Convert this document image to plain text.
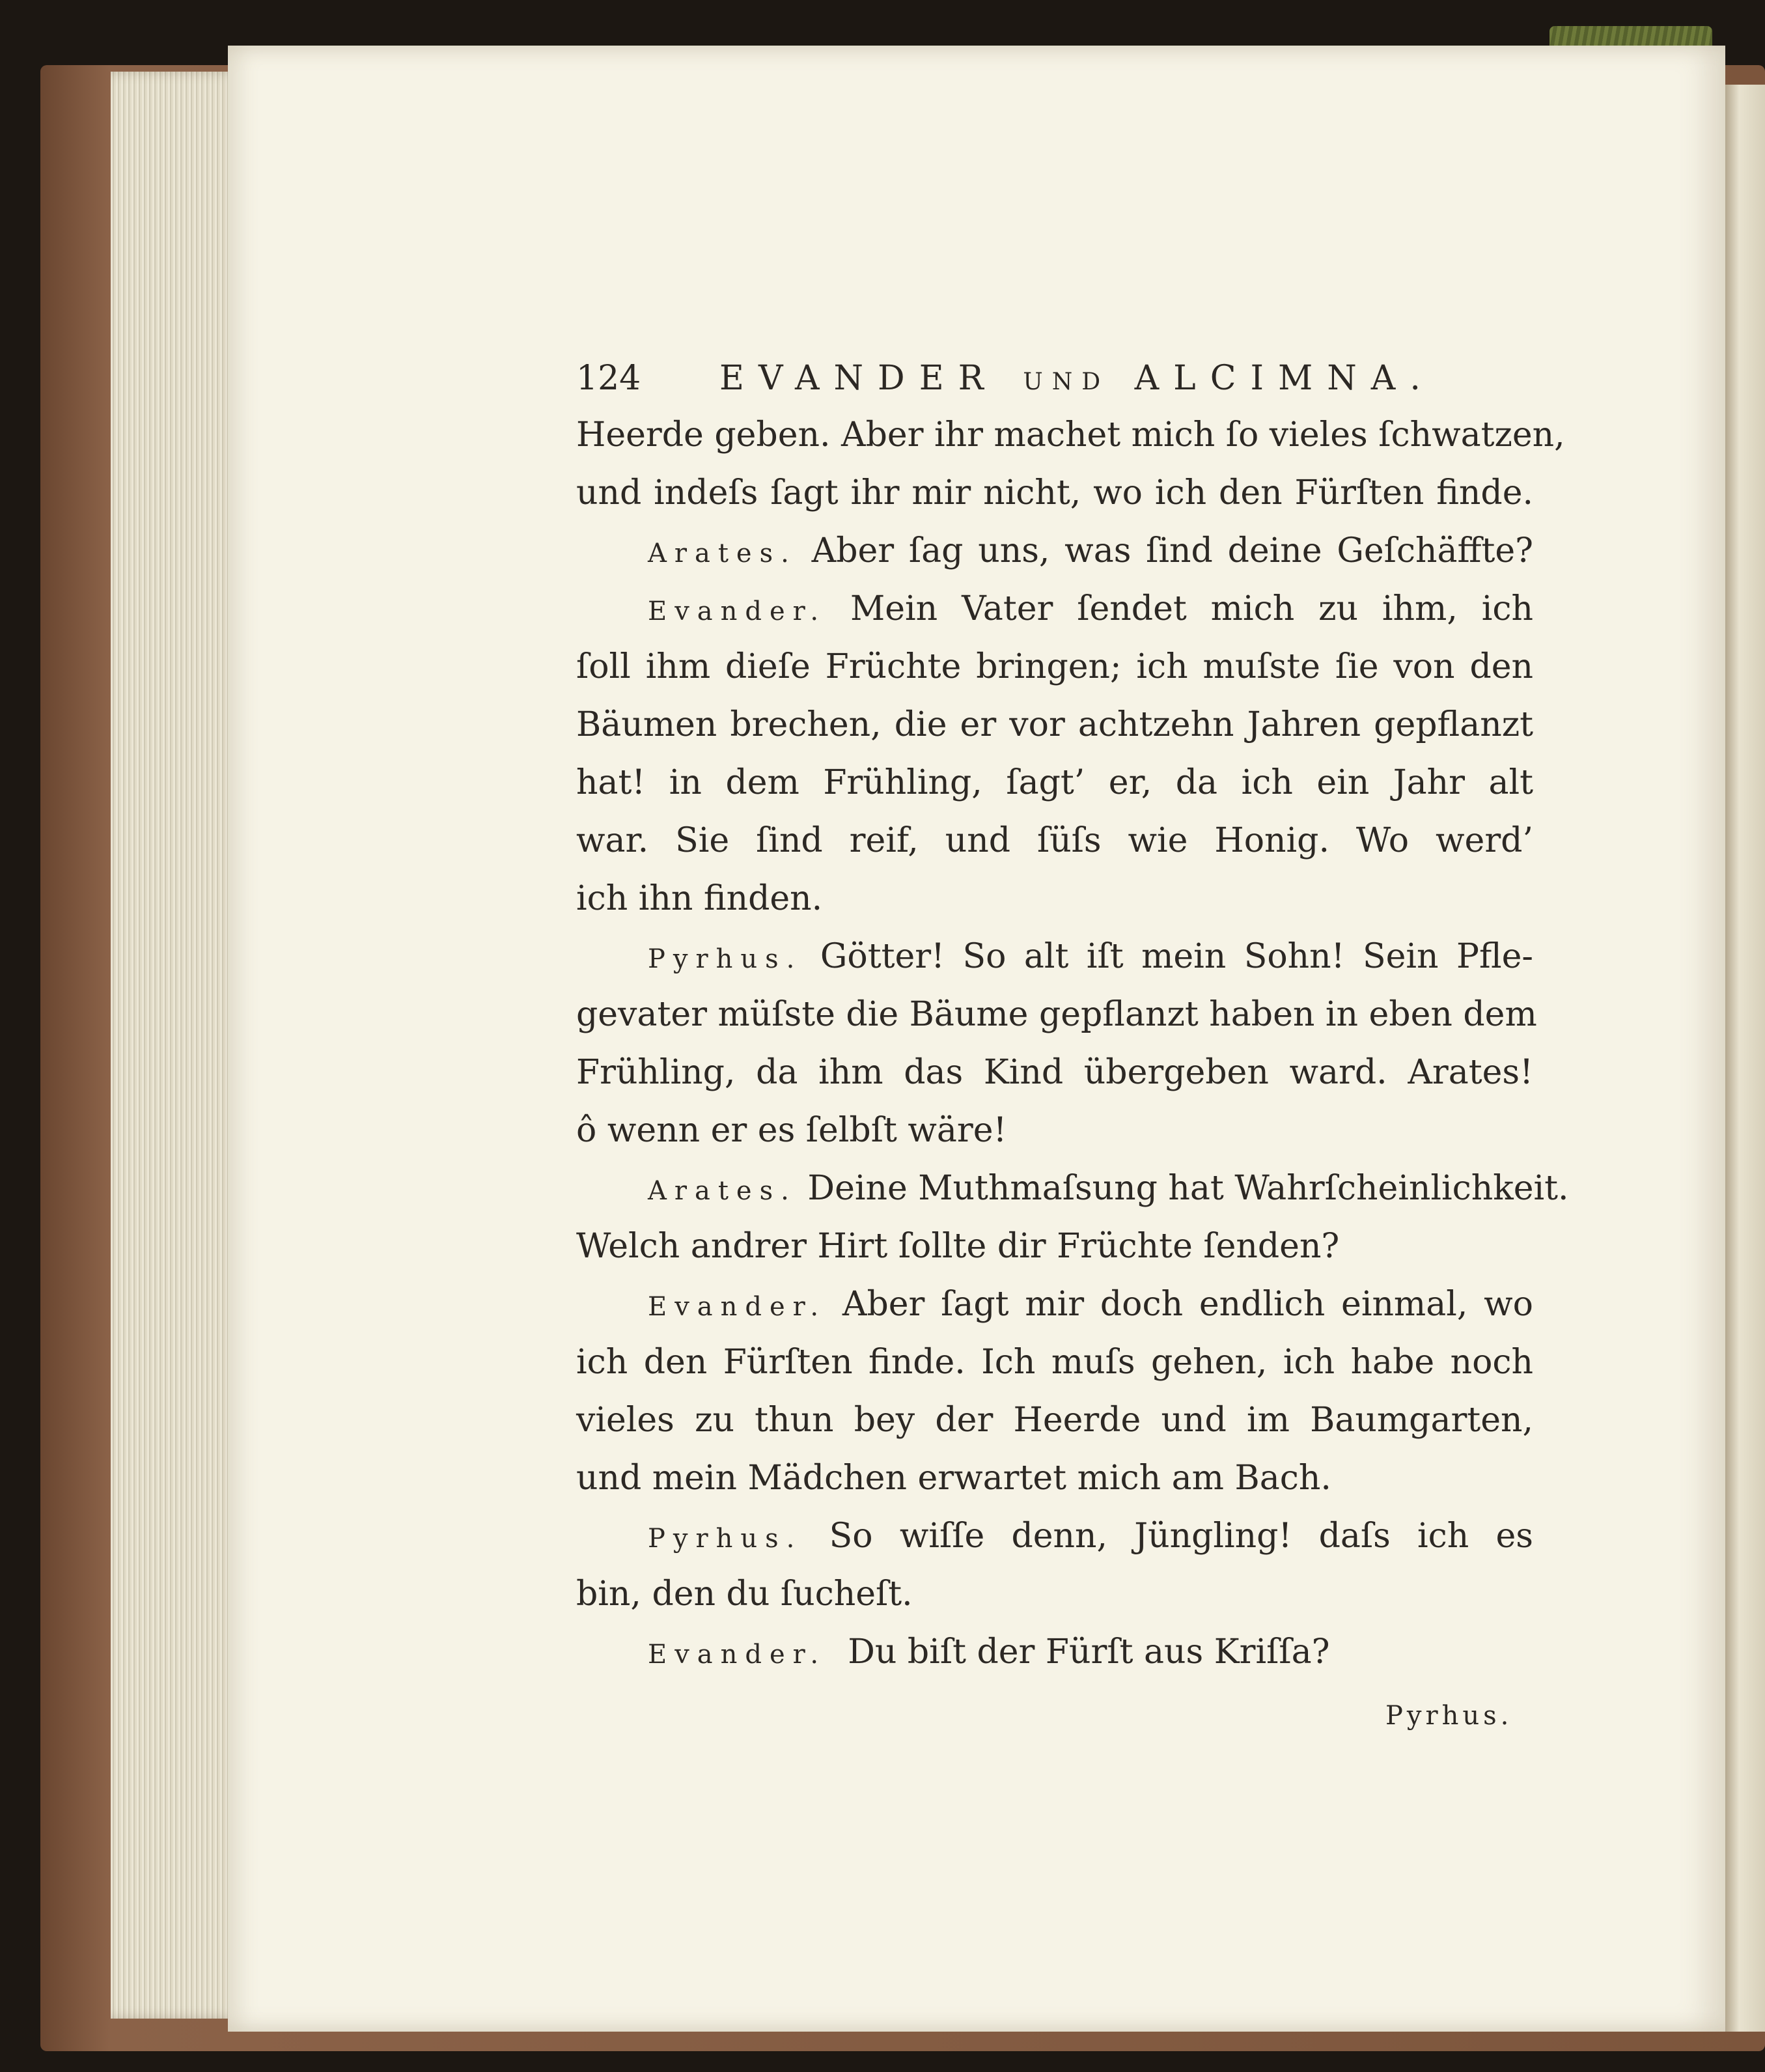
124 EVANDER UND ALCIMNA.
Heerde geben. Aber ihr machet mich ſo vieles ſchwatzen,
und indeſs ſagt ihr mir nicht, wo ich den Fürſten finde.
Arates. Aber ſag uns, was ſind deine Geſchäffte?
Evander. Mein Vater ſendet mich zu ihm, ich
ſoll ihm dieſe Früchte bringen; ich muſste ſie von den
Bäumen brechen, die er vor achtzehn Jahren gepflanzt
hat! in dem Frühling, ſagt’ er, da ich ein Jahr alt
war. Sie ſind reif, und ſüſs wie Honig. Wo werd’
ich ihn finden.
Pyrhus. Götter! So alt iſt mein Sohn! Sein Pfle-
gevater müſste die Bäume gepflanzt haben in eben dem
Frühling, da ihm das Kind übergeben ward. Arates!
ô wenn er es ſelbſt wäre!
Arates. Deine Muthmaſsung hat Wahrſcheinlichkeit.
Welch andrer Hirt ſollte dir Früchte ſenden?
Evander. Aber ſagt mir doch endlich einmal, wo
ich den Fürſten finde. Ich muſs gehen, ich habe noch
vieles zu thun bey der Heerde und im Baumgarten,
und mein Mädchen erwartet mich am Bach.
Pyrhus. So wiſſe denn, Jüngling! daſs ich es
bin, den du ſucheſt.
Evander. Du biſt der Fürſt aus Kriſſa?
Pyrhus.
